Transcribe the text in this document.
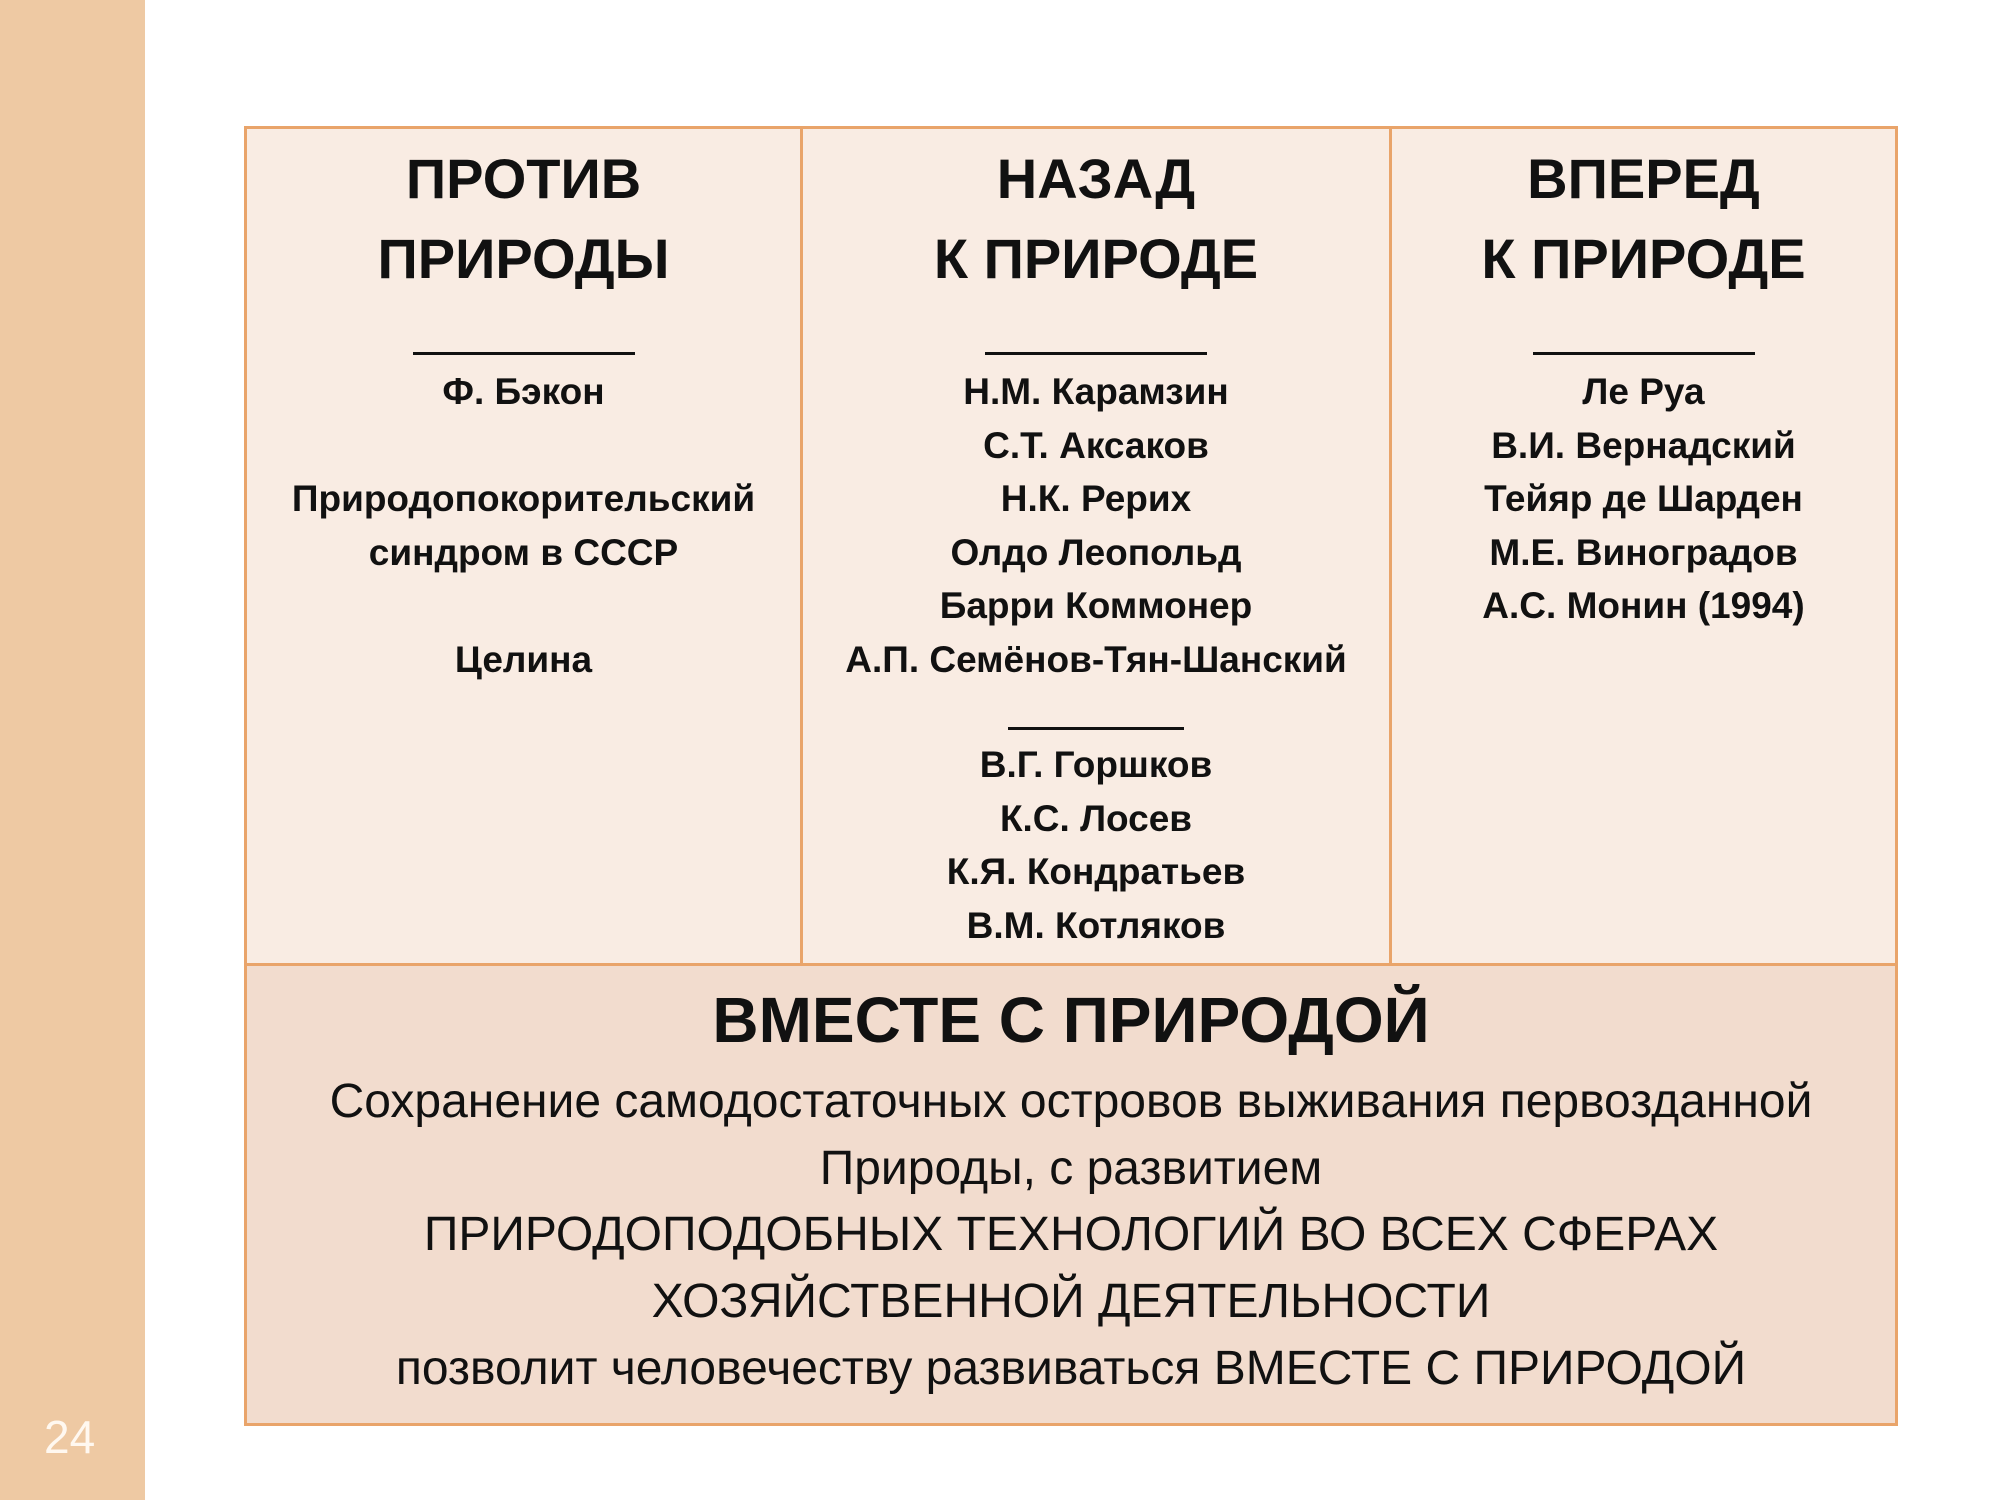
24
ПРОТИВ
ПРИРОДЫ
Ф. Бэкон
Природопокорительский
синдром в СССР
Целина
НАЗАД
К ПРИРОДЕ
Н.М. Карамзин
С.Т. Аксаков
Н.К. Рерих
Олдо Леопольд
Барри Коммонер
А.П. Семёнов-Тян-Шанский
В.Г. Горшков
К.С. Лосев
К.Я. Кондратьев
В.М. Котляков
ВПЕРЕД
К ПРИРОДЕ
Ле Руа
В.И. Вернадский
Тейяр де Шарден
М.Е. Виноградов
А.С. Монин (1994)
ВМЕСТЕ С ПРИРОДОЙ
Сохранение самодостаточных островов выживания первозданной
Природы, с развитием
ПРИРОДОПОДОБНЫХ ТЕХНОЛОГИЙ ВО ВСЕХ СФЕРАХ
ХОЗЯЙСТВЕННОЙ ДЕЯТЕЛЬНОСТИ
позволит человечеству развиваться ВМЕСТЕ С ПРИРОДОЙ
